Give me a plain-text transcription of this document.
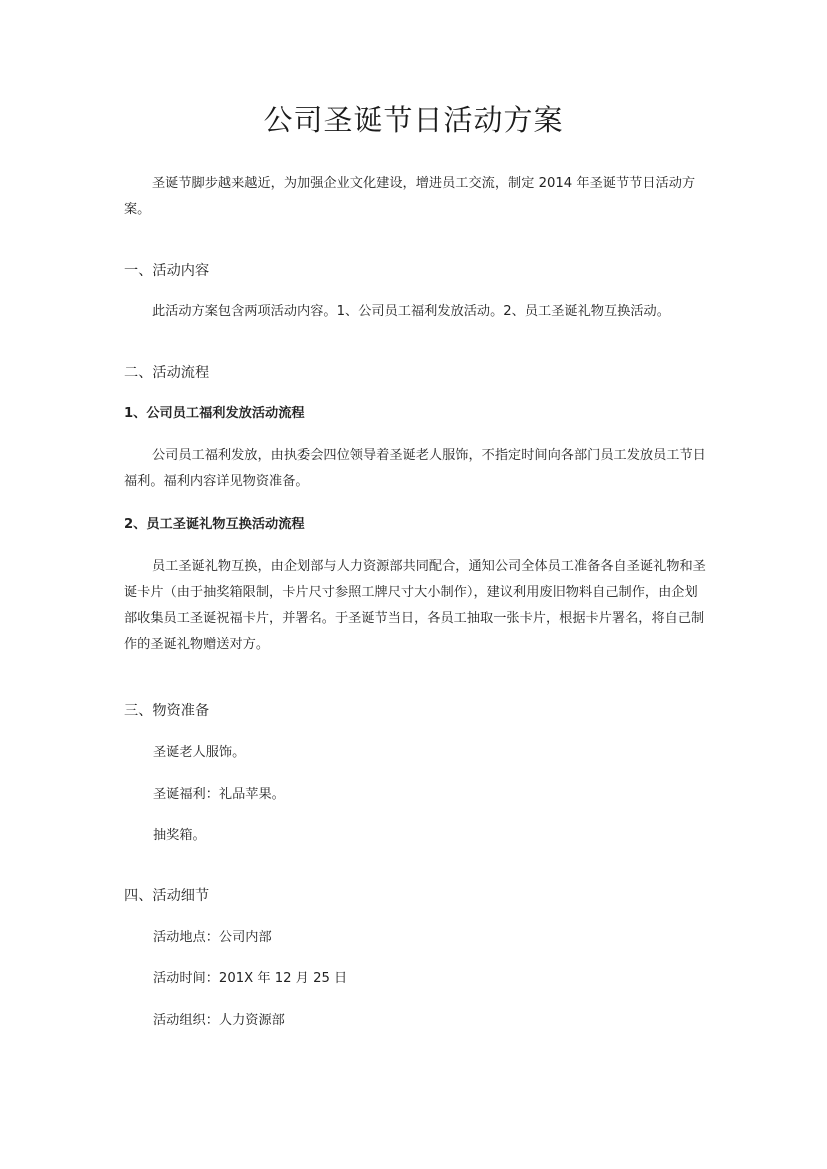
公司圣诞节日活动方案

圣诞节脚步越来越近，为加强企业文化建设，增进员工交流，制定 2014 年圣诞节节日活动方案。

一、活动内容

此活动方案包含两项活动内容。1、公司员工福利发放活动。2、员工圣诞礼物互换活动。

二、活动流程
1、公司员工福利发放活动流程

公司员工福利发放，由执委会四位领导着圣诞老人服饰，不指定时间向各部门员工发放员工节日福利。福利内容详见物资准备。

2、员工圣诞礼物互换活动流程

员工圣诞礼物互换，由企划部与人力资源部共同配合，通知公司全体员工准备各自圣诞礼物和圣诞卡片（由于抽奖箱限制，卡片尺寸参照工牌尺寸大小制作），建议利用废旧物料自己制作，由企划部收集员工圣诞祝福卡片，并署名。于圣诞节当日，各员工抽取一张卡片，根据卡片署名，将自己制作的圣诞礼物赠送对方。

三、物资准备

圣诞老人服饰。

圣诞福利：礼品苹果。

抽奖箱。

四、活动细节

活动地点：公司内部

活动时间：201X 年 12 月 25 日

活动组织：人力资源部
